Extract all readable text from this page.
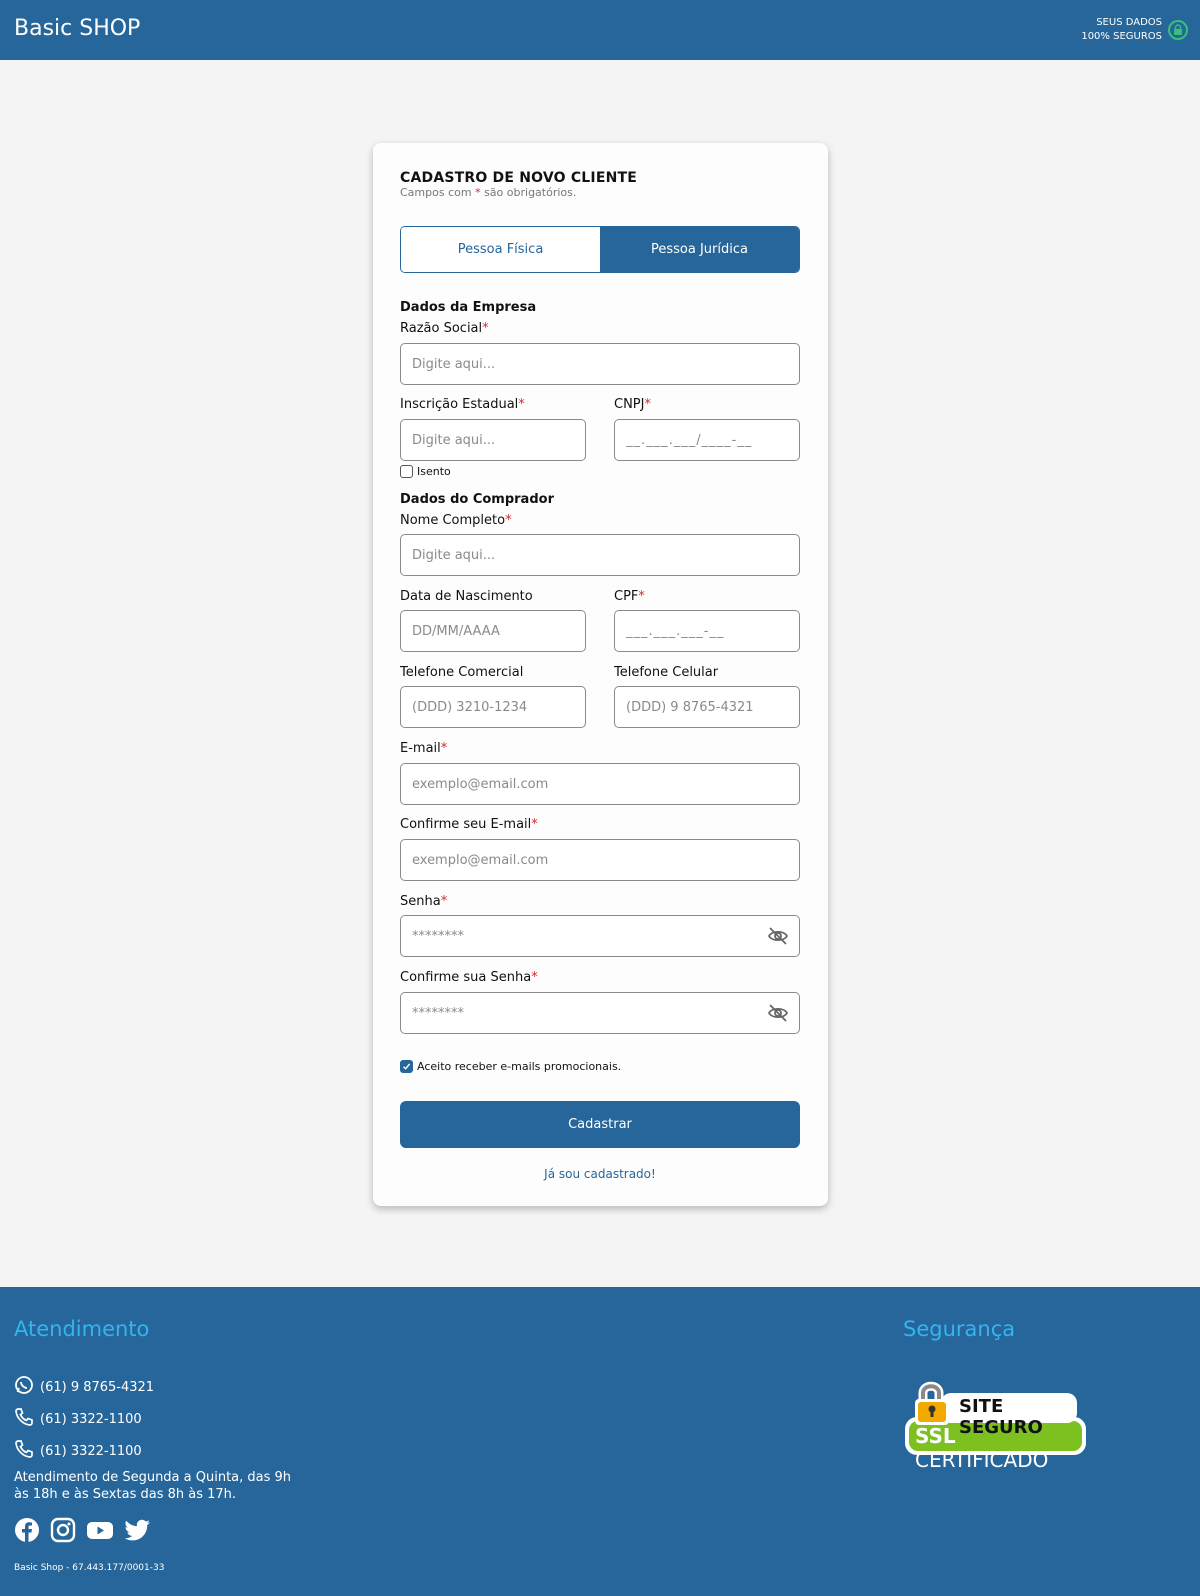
Basic SHOP	SEUS DADOS
100% SEGUROS
CADASTRO DE NOVO CLIENTE
Campos com * são obrigatórios.
Pessoa Física	Pessoa Jurídica
Dados da Empresa
Razão Social*
Digite aqui...
Inscrição Estadual*
Digite aqui...
CNPJ*
__.___.___/____-__
Isento
Dados do Comprador
Nome Completo*
Digite aqui...
Data de Nascimento
DD/MM/AAAA
CPF*
___.___.___-__
Telefone Comercial
(DDD) 3210-1234
Telefone Celular
(DDD) 9 8765-4321
E-mail*
exemplo@email.com
Confirme seu E-mail*
exemplo@email.com
Senha*
********
Confirme sua Senha*
********
Aceito receber e-mails promocionais.
Cadastrar
Já sou cadastrado!
Atendimento
(61) 9 8765-4321
(61) 3322-1100
(61) 3322-1100
Atendimento de Segunda a Quinta, das 9h
às 18h e às Sextas das 8h às 17h.
Basic Shop - 67.443.177/0001-33
Segurança
SITE SEGURO
SSL CERTIFICADO
